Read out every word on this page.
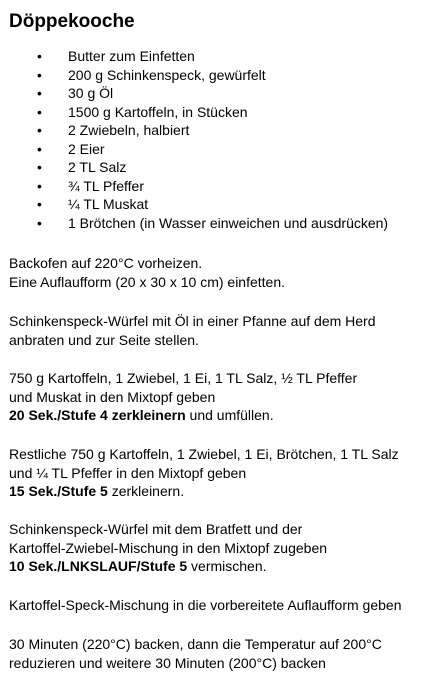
Döppekooche
• Butter zum Einfetten
• 200 g Schinkenspeck, gewürfelt
• 30 g Öl
• 1500 g Kartoffeln, in Stücken
• 2 Zwiebeln, halbiert
• 2 Eier
• 2 TL Salz
• ¾ TL Pfeffer
• ¼ TL Muskat
• 1 Brötchen (in Wasser einweichen und ausdrücken)

Backofen auf 220°C vorheizen.
Eine Auflaufform (20 x 30 x 10 cm) einfetten.

Schinkenspeck-Würfel mit Öl in einer Pfanne auf dem Herd
anbraten und zur Seite stellen.

750 g Kartoffeln, 1 Zwiebel, 1 Ei, 1 TL Salz, ½ TL Pfeffer
und Muskat in den Mixtopf geben
20 Sek./Stufe 4 zerkleinern und umfüllen.

Restliche 750 g Kartoffeln, 1 Zwiebel, 1 Ei, Brötchen, 1 TL Salz
und ¼ TL Pfeffer in den Mixtopf geben
15 Sek./Stufe 5 zerkleinern.

Schinkenspeck-Würfel mit dem Bratfett und der
Kartoffel-Zwiebel-Mischung in den Mixtopf zugeben
10 Sek./LNKSLAUF/Stufe 5 vermischen.

Kartoffel-Speck-Mischung in die vorbereitete Auflaufform geben

30 Minuten (220°C) backen, dann die Temperatur auf 200°C
reduzieren und weitere 30 Minuten (200°C) backen
